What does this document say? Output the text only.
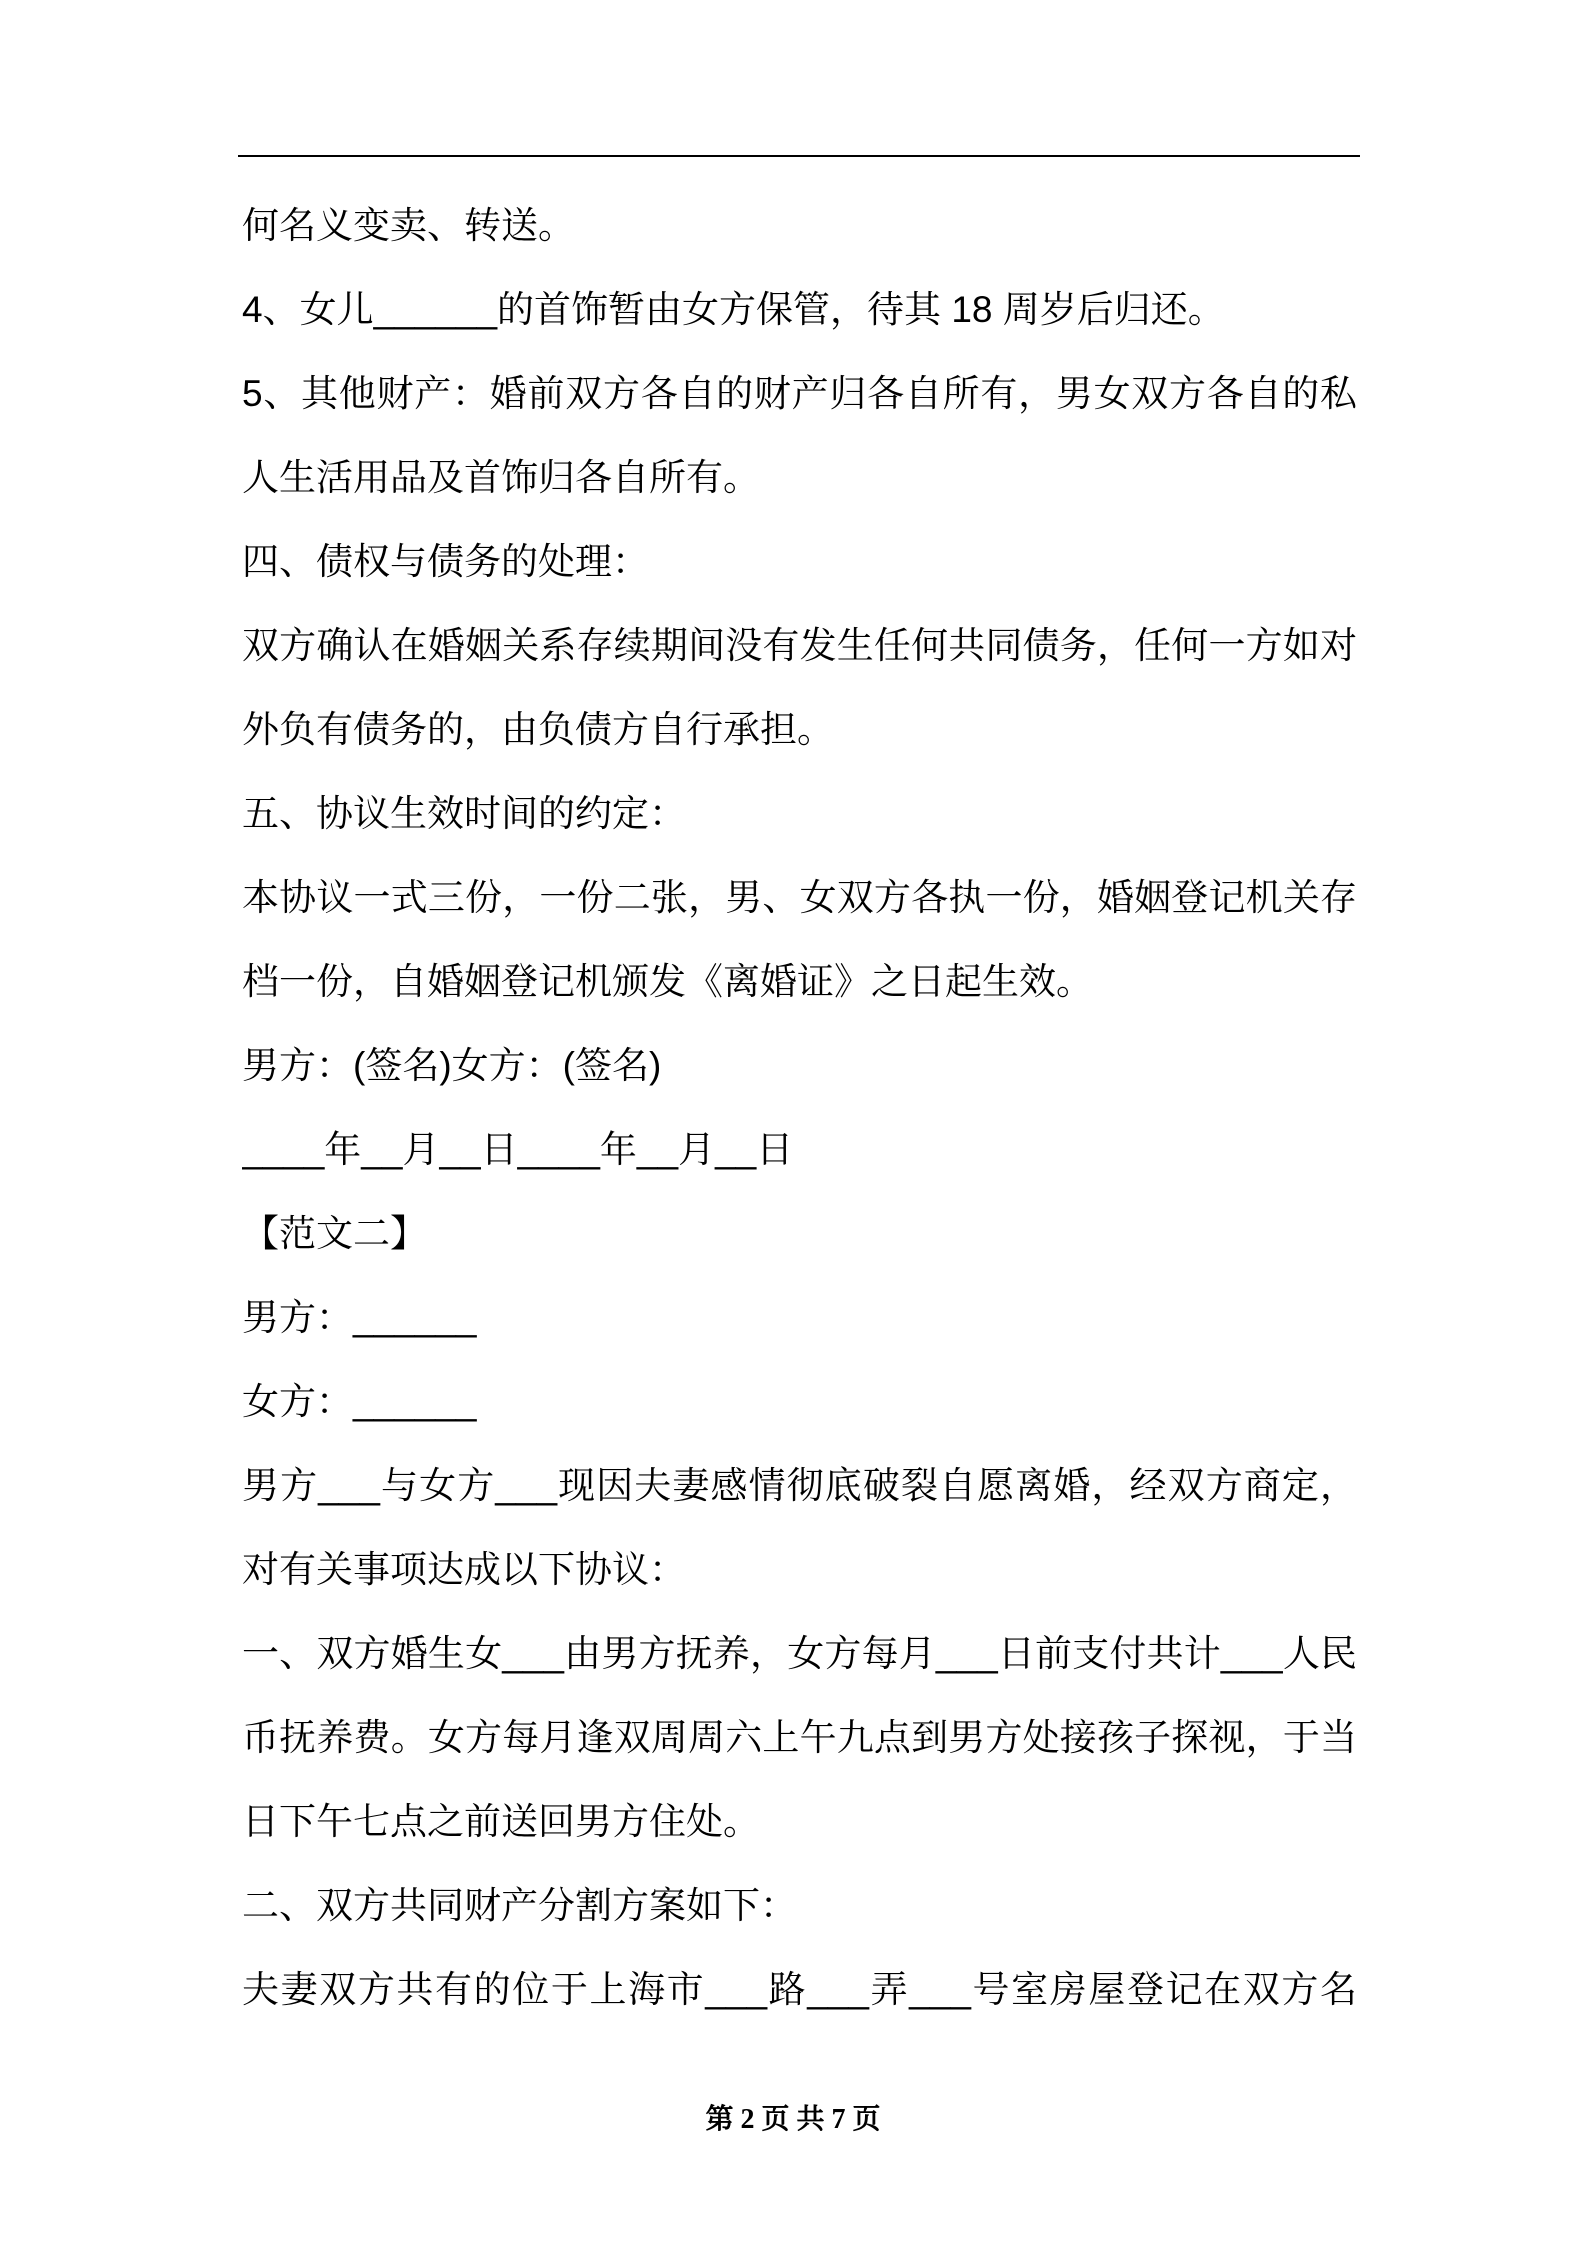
何名义变卖、转送。
4、女儿______的首饰暂由女方保管，待其 18 周岁后归还。
5、其他财产：婚前双方各自的财产归各自所有，男女双方各自的私
人生活用品及首饰归各自所有。
四、债权与债务的处理：
双方确认在婚姻关系存续期间没有发生任何共同债务，任何一方如对
外负有债务的，由负债方自行承担。
五、协议生效时间的约定：
本协议一式三份，一份二张，男、女双方各执一份，婚姻登记机关存
档一份，自婚姻登记机颁发《离婚证》之日起生效。
男方：(签名)女方：(签名)
____年__月__日____年__月__日
【范文二】
男方：______
女方：______
男方___与女方___现因夫妻感情彻底破裂自愿离婚，经双方商定，
对有关事项达成以下协议：
一、双方婚生女___由男方抚养，女方每月___日前支付共计___人民
币抚养费。女方每月逢双周周六上午九点到男方处接孩子探视，于当
日下午七点之前送回男方住处。
二、双方共同财产分割方案如下：
夫妻双方共有的位于上海市___路___弄___号室房屋登记在双方名
第 2 页 共 7 页
